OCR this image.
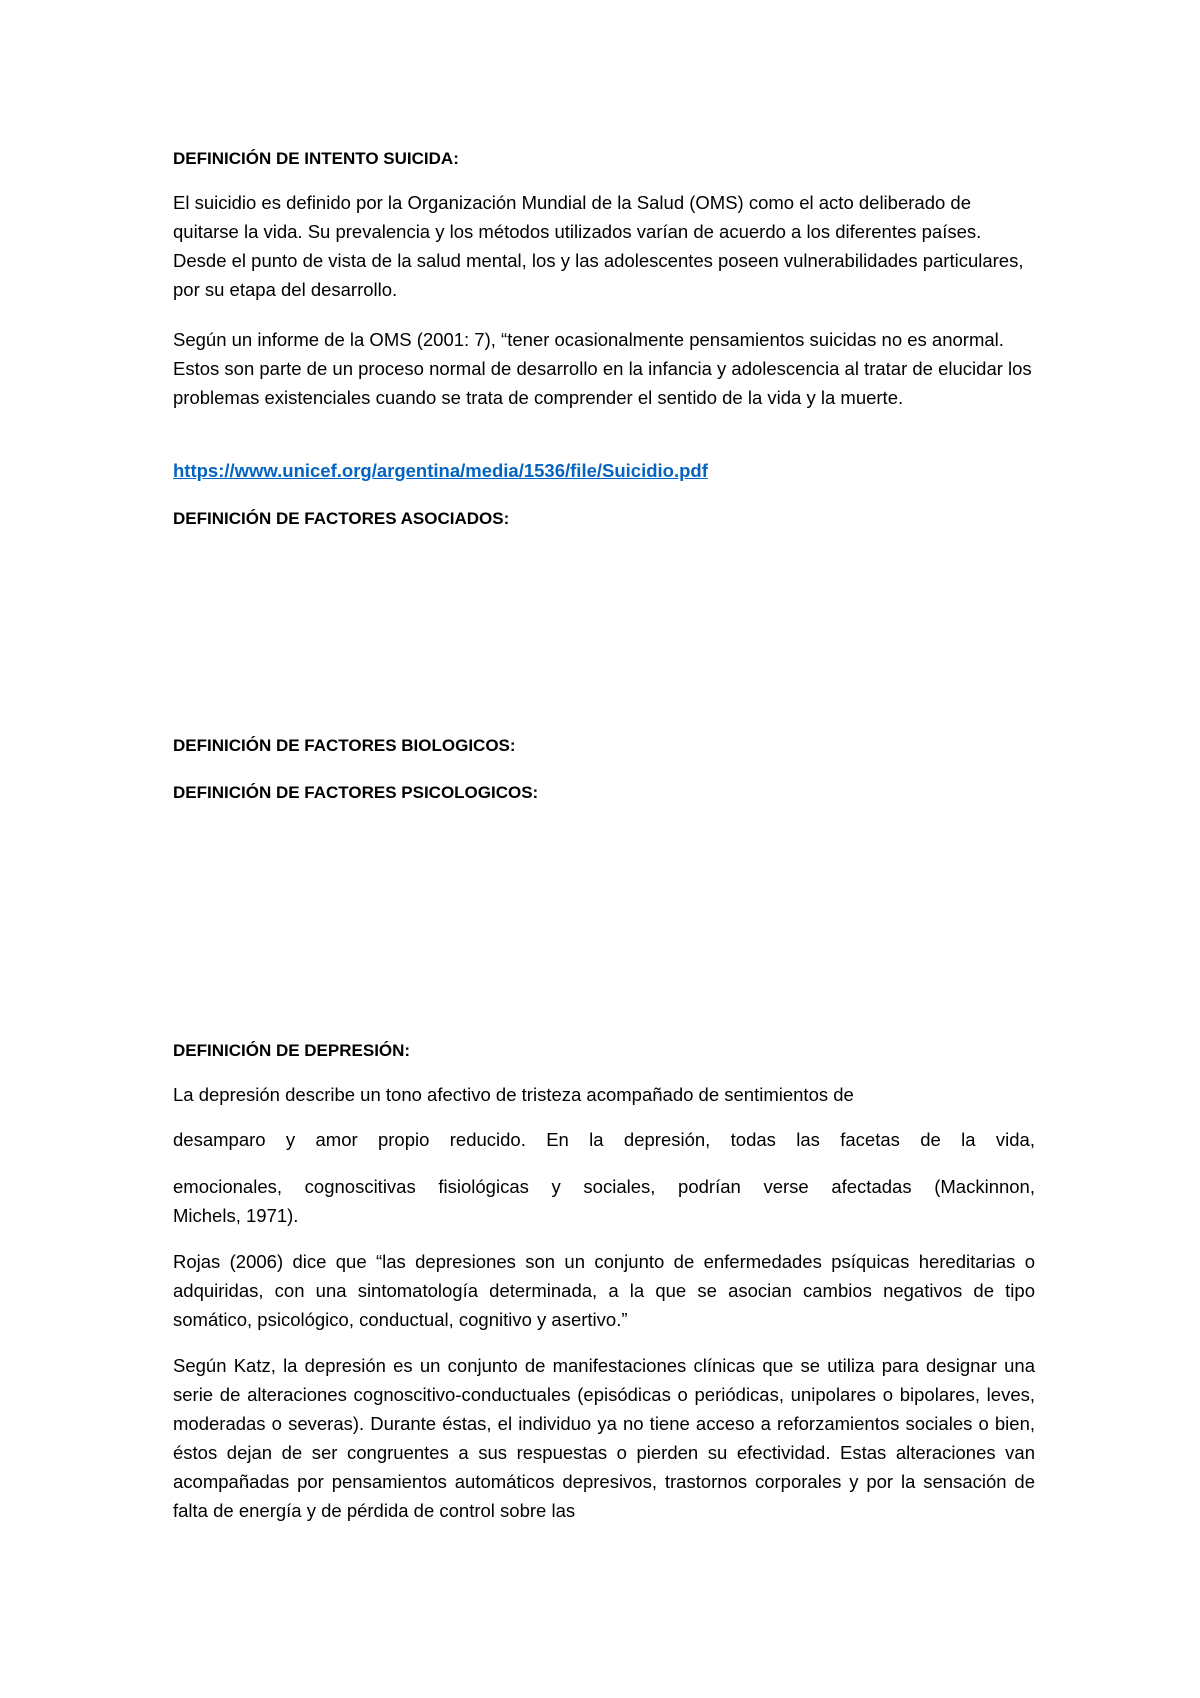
DEFINICIÓN DE INTENTO SUICIDA:

El suicidio es definido por la Organización Mundial de la Salud (OMS) como el acto deliberado de quitarse la vida. Su prevalencia y los métodos utilizados varían de acuerdo a los diferentes países. Desde el punto de vista de la salud mental, los y las adolescentes poseen vulnerabilidades particulares, por su etapa del desarrollo.

Según un informe de la OMS (2001: 7), “tener ocasionalmente pensamientos suicidas no es anormal. Estos son parte de un proceso normal de desarrollo en la infancia y adolescencia al tratar de elucidar los problemas existenciales cuando se trata de comprender el sentido de la vida y la muerte.

https://www.unicef.org/argentina/media/1536/file/Suicidio.pdf
DEFINICIÓN DE FACTORES ASOCIADOS:
DEFINICIÓN DE FACTORES BIOLOGICOS:
DEFINICIÓN DE FACTORES PSICOLOGICOS:
DEFINICIÓN DE DEPRESIÓN:
La depresión describe un tono afectivo de tristeza acompañado de sentimientos de
desamparo y amor propio reducido. En la depresión, todas las facetas de la vida,
emocionales, cognoscitivas fisiológicas y sociales, podrían verse afectadas (Mackinnon,
Michels, 1971).

Rojas (2006) dice que “las depresiones son un conjunto de enfermedades psíquicas hereditarias o adquiridas, con una sintomatología determinada, a la que se asocian cambios negativos de tipo somático, psicológico, conductual, cognitivo y asertivo.”

Según Katz, la depresión es un conjunto de manifestaciones clínicas que se utiliza para designar una serie de alteraciones cognoscitivo-conductuales (episódicas o periódicas, unipolares o bipolares, leves, moderadas o severas). Durante éstas, el individuo ya no tiene acceso a reforzamientos sociales o bien, éstos dejan de ser congruentes a sus respuestas o pierden su efectividad. Estas alteraciones van acompañadas por pensamientos automáticos depresivos, trastornos corporales y por la sensación de falta de energía y de pérdida de control sobre las
